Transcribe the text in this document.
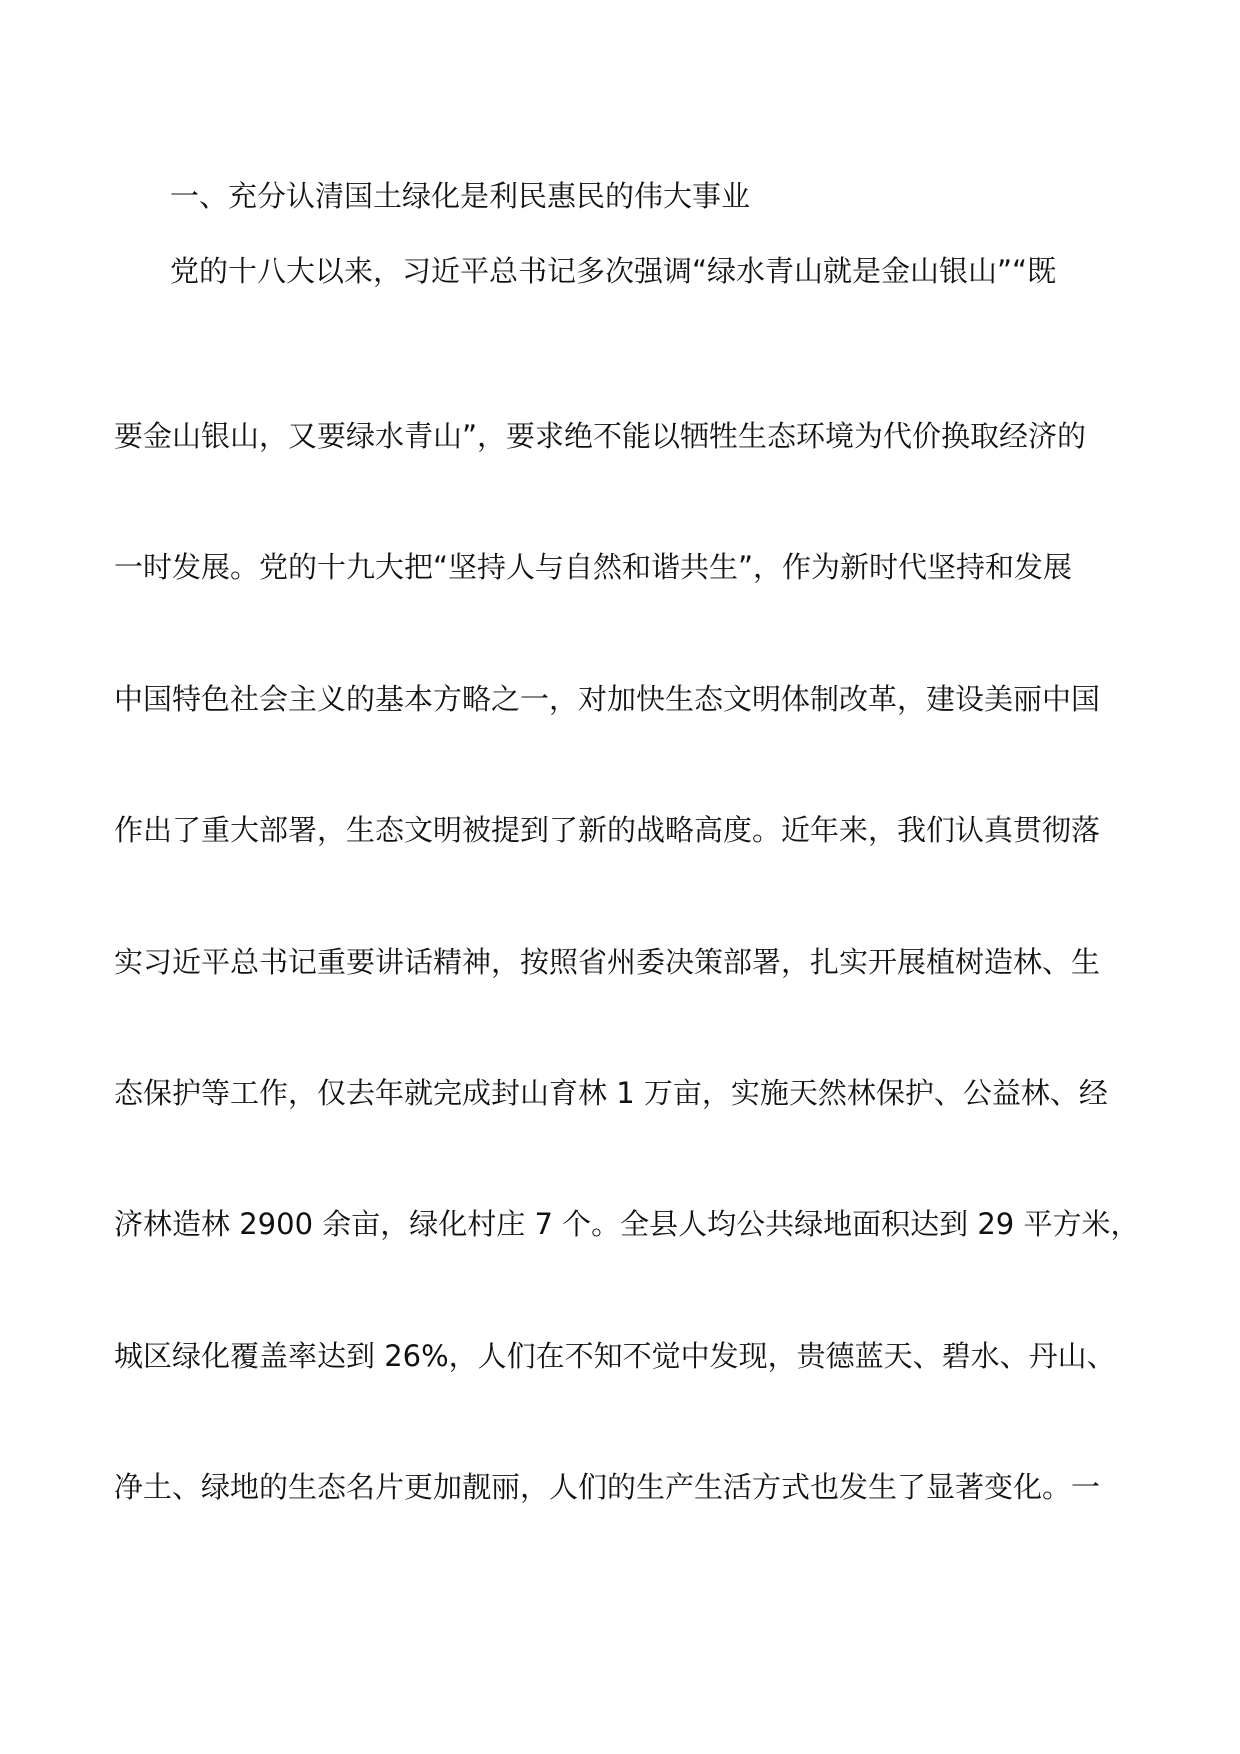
一、充分认清国土绿化是利民惠民的伟大事业
党的十八大以来，习近平总书记多次强调“绿水青山就是金山银山”“既
要金山银山，又要绿水青山”，要求绝不能以牺牲生态环境为代价换取经济的
一时发展。党的十九大把“坚持人与自然和谐共生”，作为新时代坚持和发展
中国特色社会主义的基本方略之一，对加快生态文明体制改革，建设美丽中国
作出了重大部署，生态文明被提到了新的战略高度。近年来，我们认真贯彻落
实习近平总书记重要讲话精神，按照省州委决策部署，扎实开展植树造林、生
态保护等工作，仅去年就完成封山育林 1 万亩，实施天然林保护、公益林、经
济林造林 2900 余亩，绿化村庄 7 个。全县人均公共绿地面积达到 29 平方米，
城区绿化覆盖率达到 26%，人们在不知不觉中发现，贵德蓝天、碧水、丹山、
净土、绿地的生态名片更加靓丽，人们的生产生活方式也发生了显著变化。一
